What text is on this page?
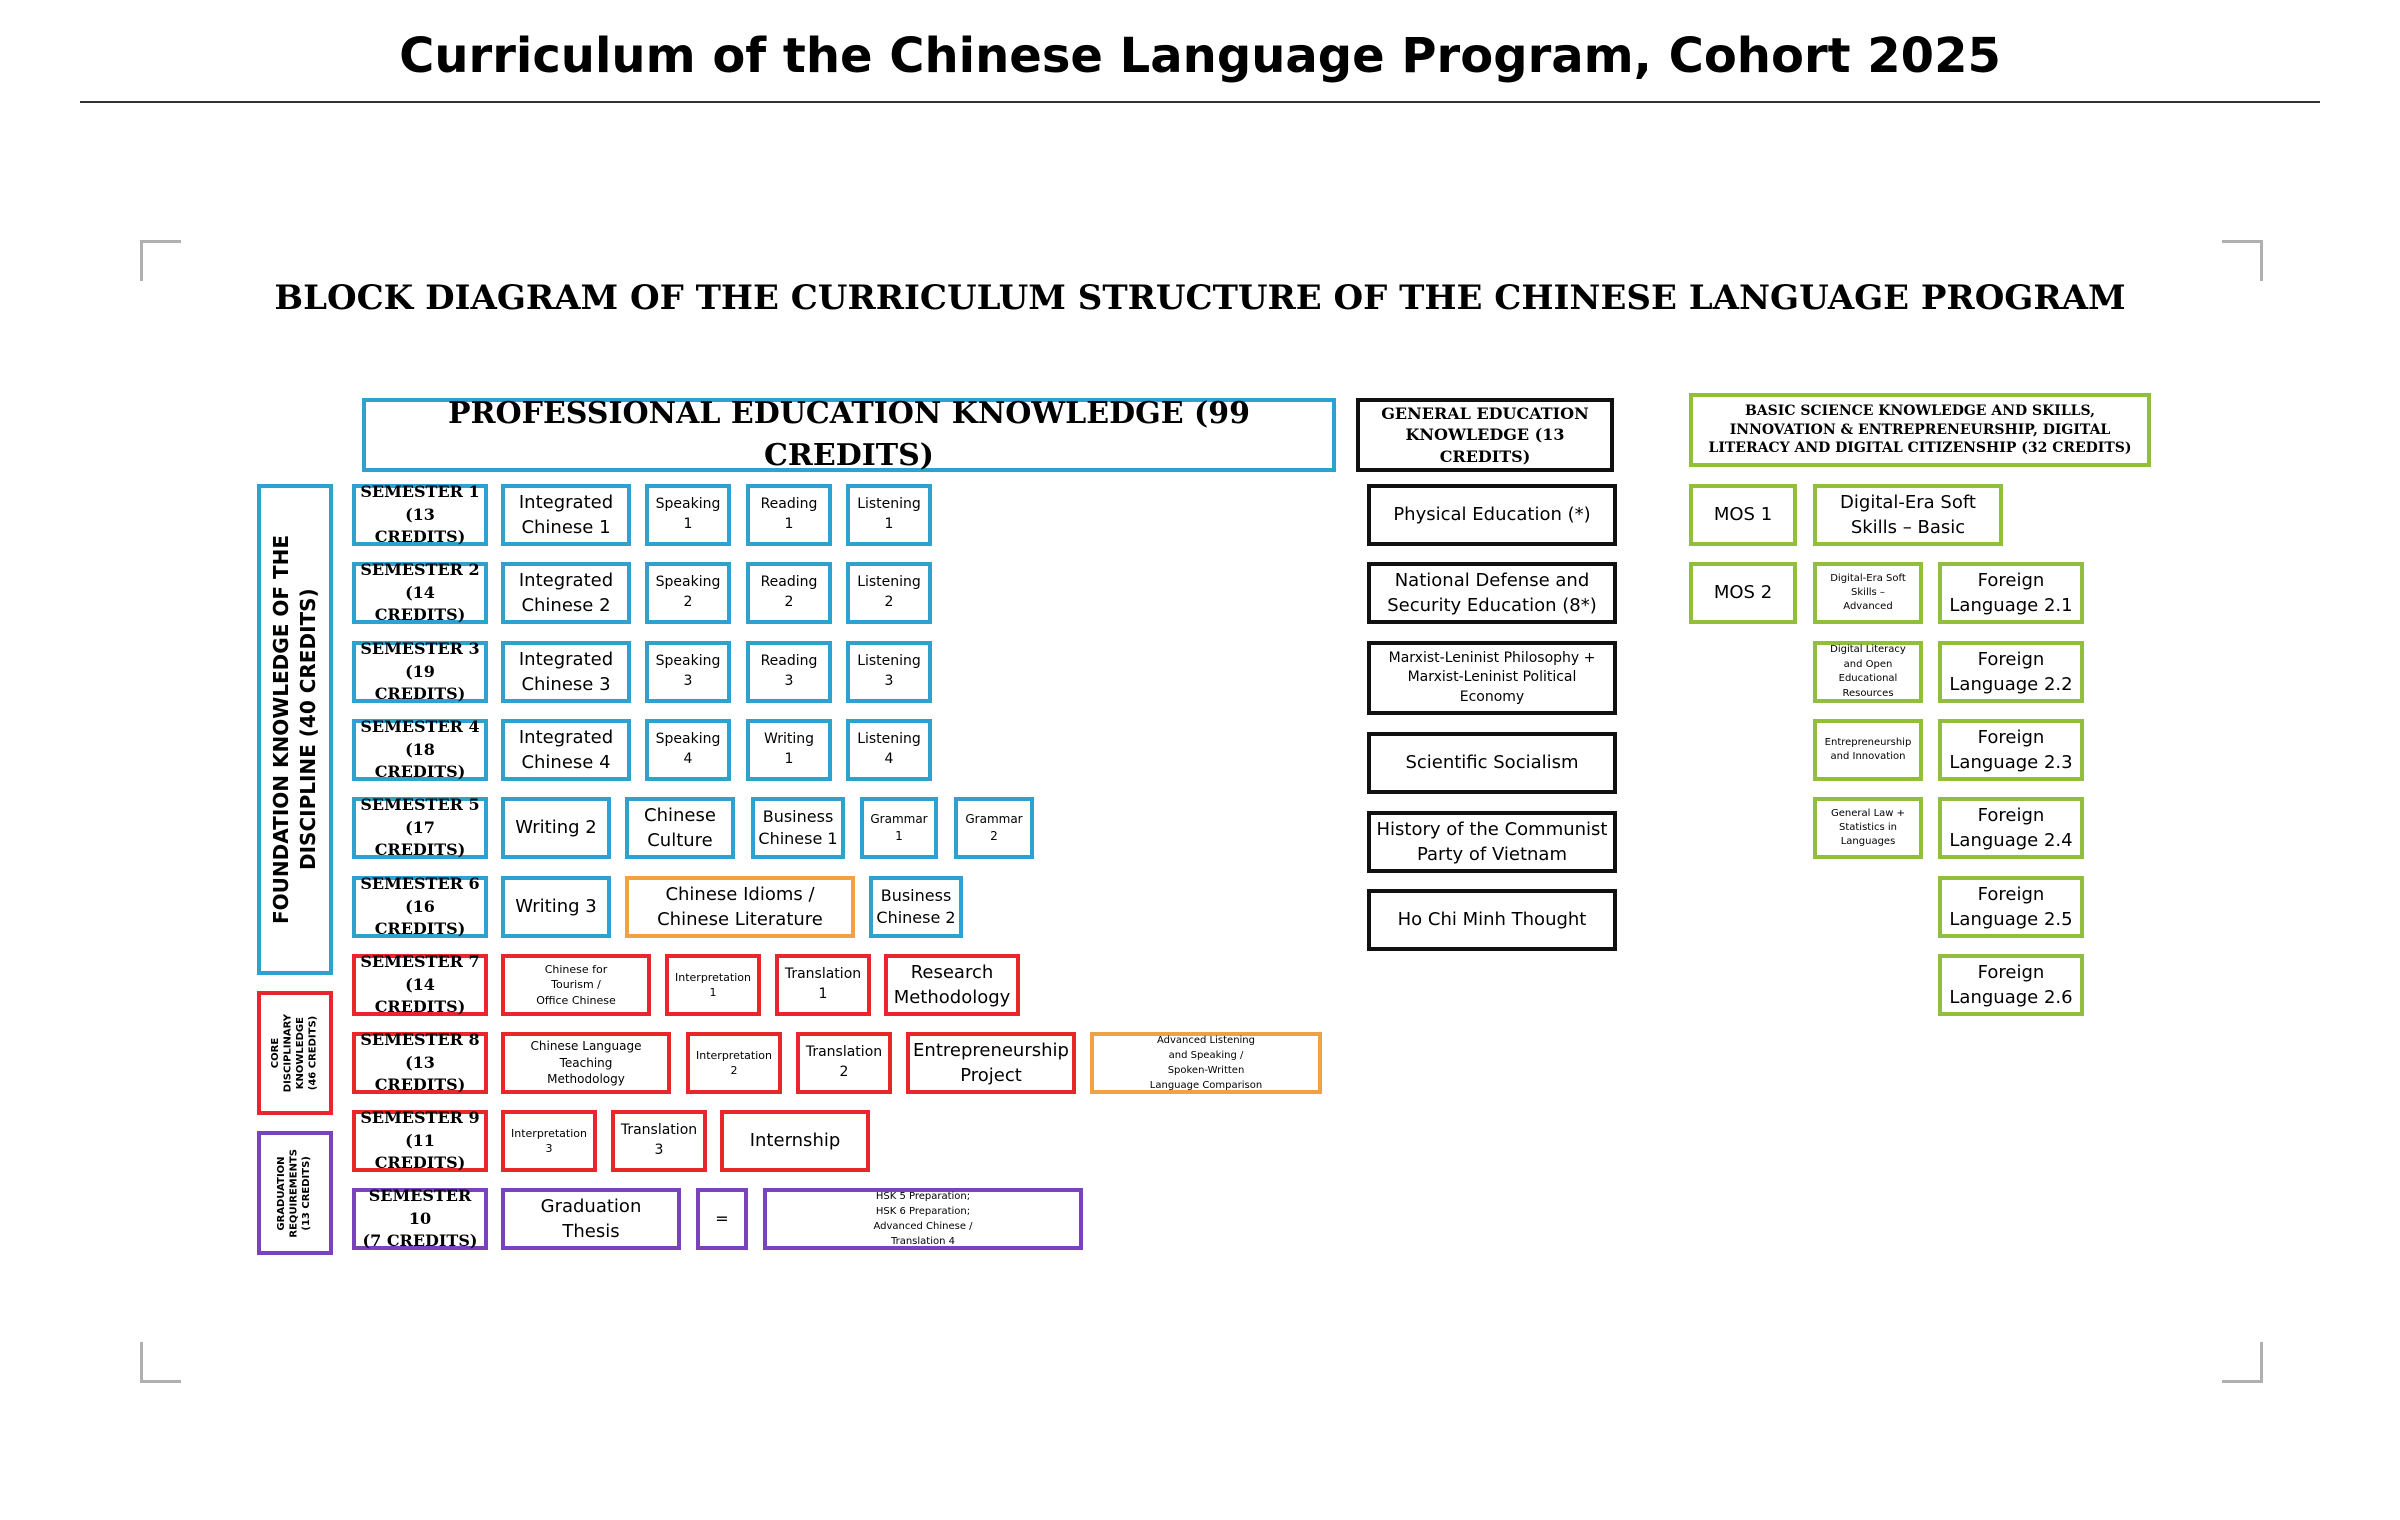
Curriculum of the Chinese Language Program, Cohort 2025
BLOCK DIAGRAM OF THE CURRICULUM STRUCTURE OF THE CHINESE LANGUAGE PROGRAM
PROFESSIONAL EDUCATION KNOWLEDGE (99 CREDITS)
GENERAL EDUCATION
KNOWLEDGE (13 CREDITS)
BASIC SCIENCE KNOWLEDGE AND SKILLS,
INNOVATION & ENTREPRENEURSHIP, DIGITAL
LITERACY AND DIGITAL CITIZENSHIP (32 CREDITS)
FOUNDATION KNOWLEDGE OF THE
DISCIPLINE (40 CREDITS)
CORE
DISCIPLINARY
KNOWLEDGE
(46 CREDITS)
GRADUATION
REQUIREMENTS
(13 CREDITS)
SEMESTER 1
(13 CREDITS)
SEMESTER 2
(14 CREDITS)
SEMESTER 3
(19 CREDITS)
SEMESTER 4
(18 CREDITS)
SEMESTER 5
(17 CREDITS)
SEMESTER 6
(16 CREDITS)
SEMESTER 7
(14 CREDITS)
SEMESTER 8
(13 CREDITS)
SEMESTER 9
(11 CREDITS)
SEMESTER 10
(7 CREDITS)
Integrated
Chinese 1
Speaking
1
Reading
1
Listening
1
Integrated
Chinese 2
Speaking
2
Reading
2
Listening
2
Integrated
Chinese 3
Speaking
3
Reading
3
Listening
3
Integrated
Chinese 4
Speaking
4
Writing
1
Listening
4
Writing 2
Chinese
Culture
Business
Chinese 1
Grammar
1
Grammar
2
Writing 3
Chinese Idioms /
Chinese Literature
Business
Chinese 2
Chinese for
Tourism /
Office Chinese
Interpretation
1
Translation
1
Research
Methodology
Chinese Language
Teaching
Methodology
Interpretation
2
Translation
2
Entrepreneurship
Project
Advanced Listening
and Speaking /
Spoken-Written
Language Comparison
Interpretation
3
Translation
3	Internship
Graduation
Thesis
=
HSK 5 Preparation;
HSK 6 Preparation;
Advanced Chinese /
Translation 4
Physical Education (*)
National Defense and
Security Education (8*)
Marxist-Leninist Philosophy +
Marxist-Leninist Political
Economy
Scientific Socialism
History of the Communist
Party of Vietnam
Ho Chi Minh Thought
MOS 1
MOS 2
Digital-Era Soft
Skills – Basic
Digital-Era Soft
Skills –
Advanced
Digital Literacy
and Open
Educational
Resources
Entrepreneurship
and Innovation
General Law +
Statistics in
Languages
Foreign
Language 2.1
Foreign
Language 2.2
Foreign
Language 2.3
Foreign
Language 2.4
Foreign
Language 2.5
Foreign
Language 2.6
